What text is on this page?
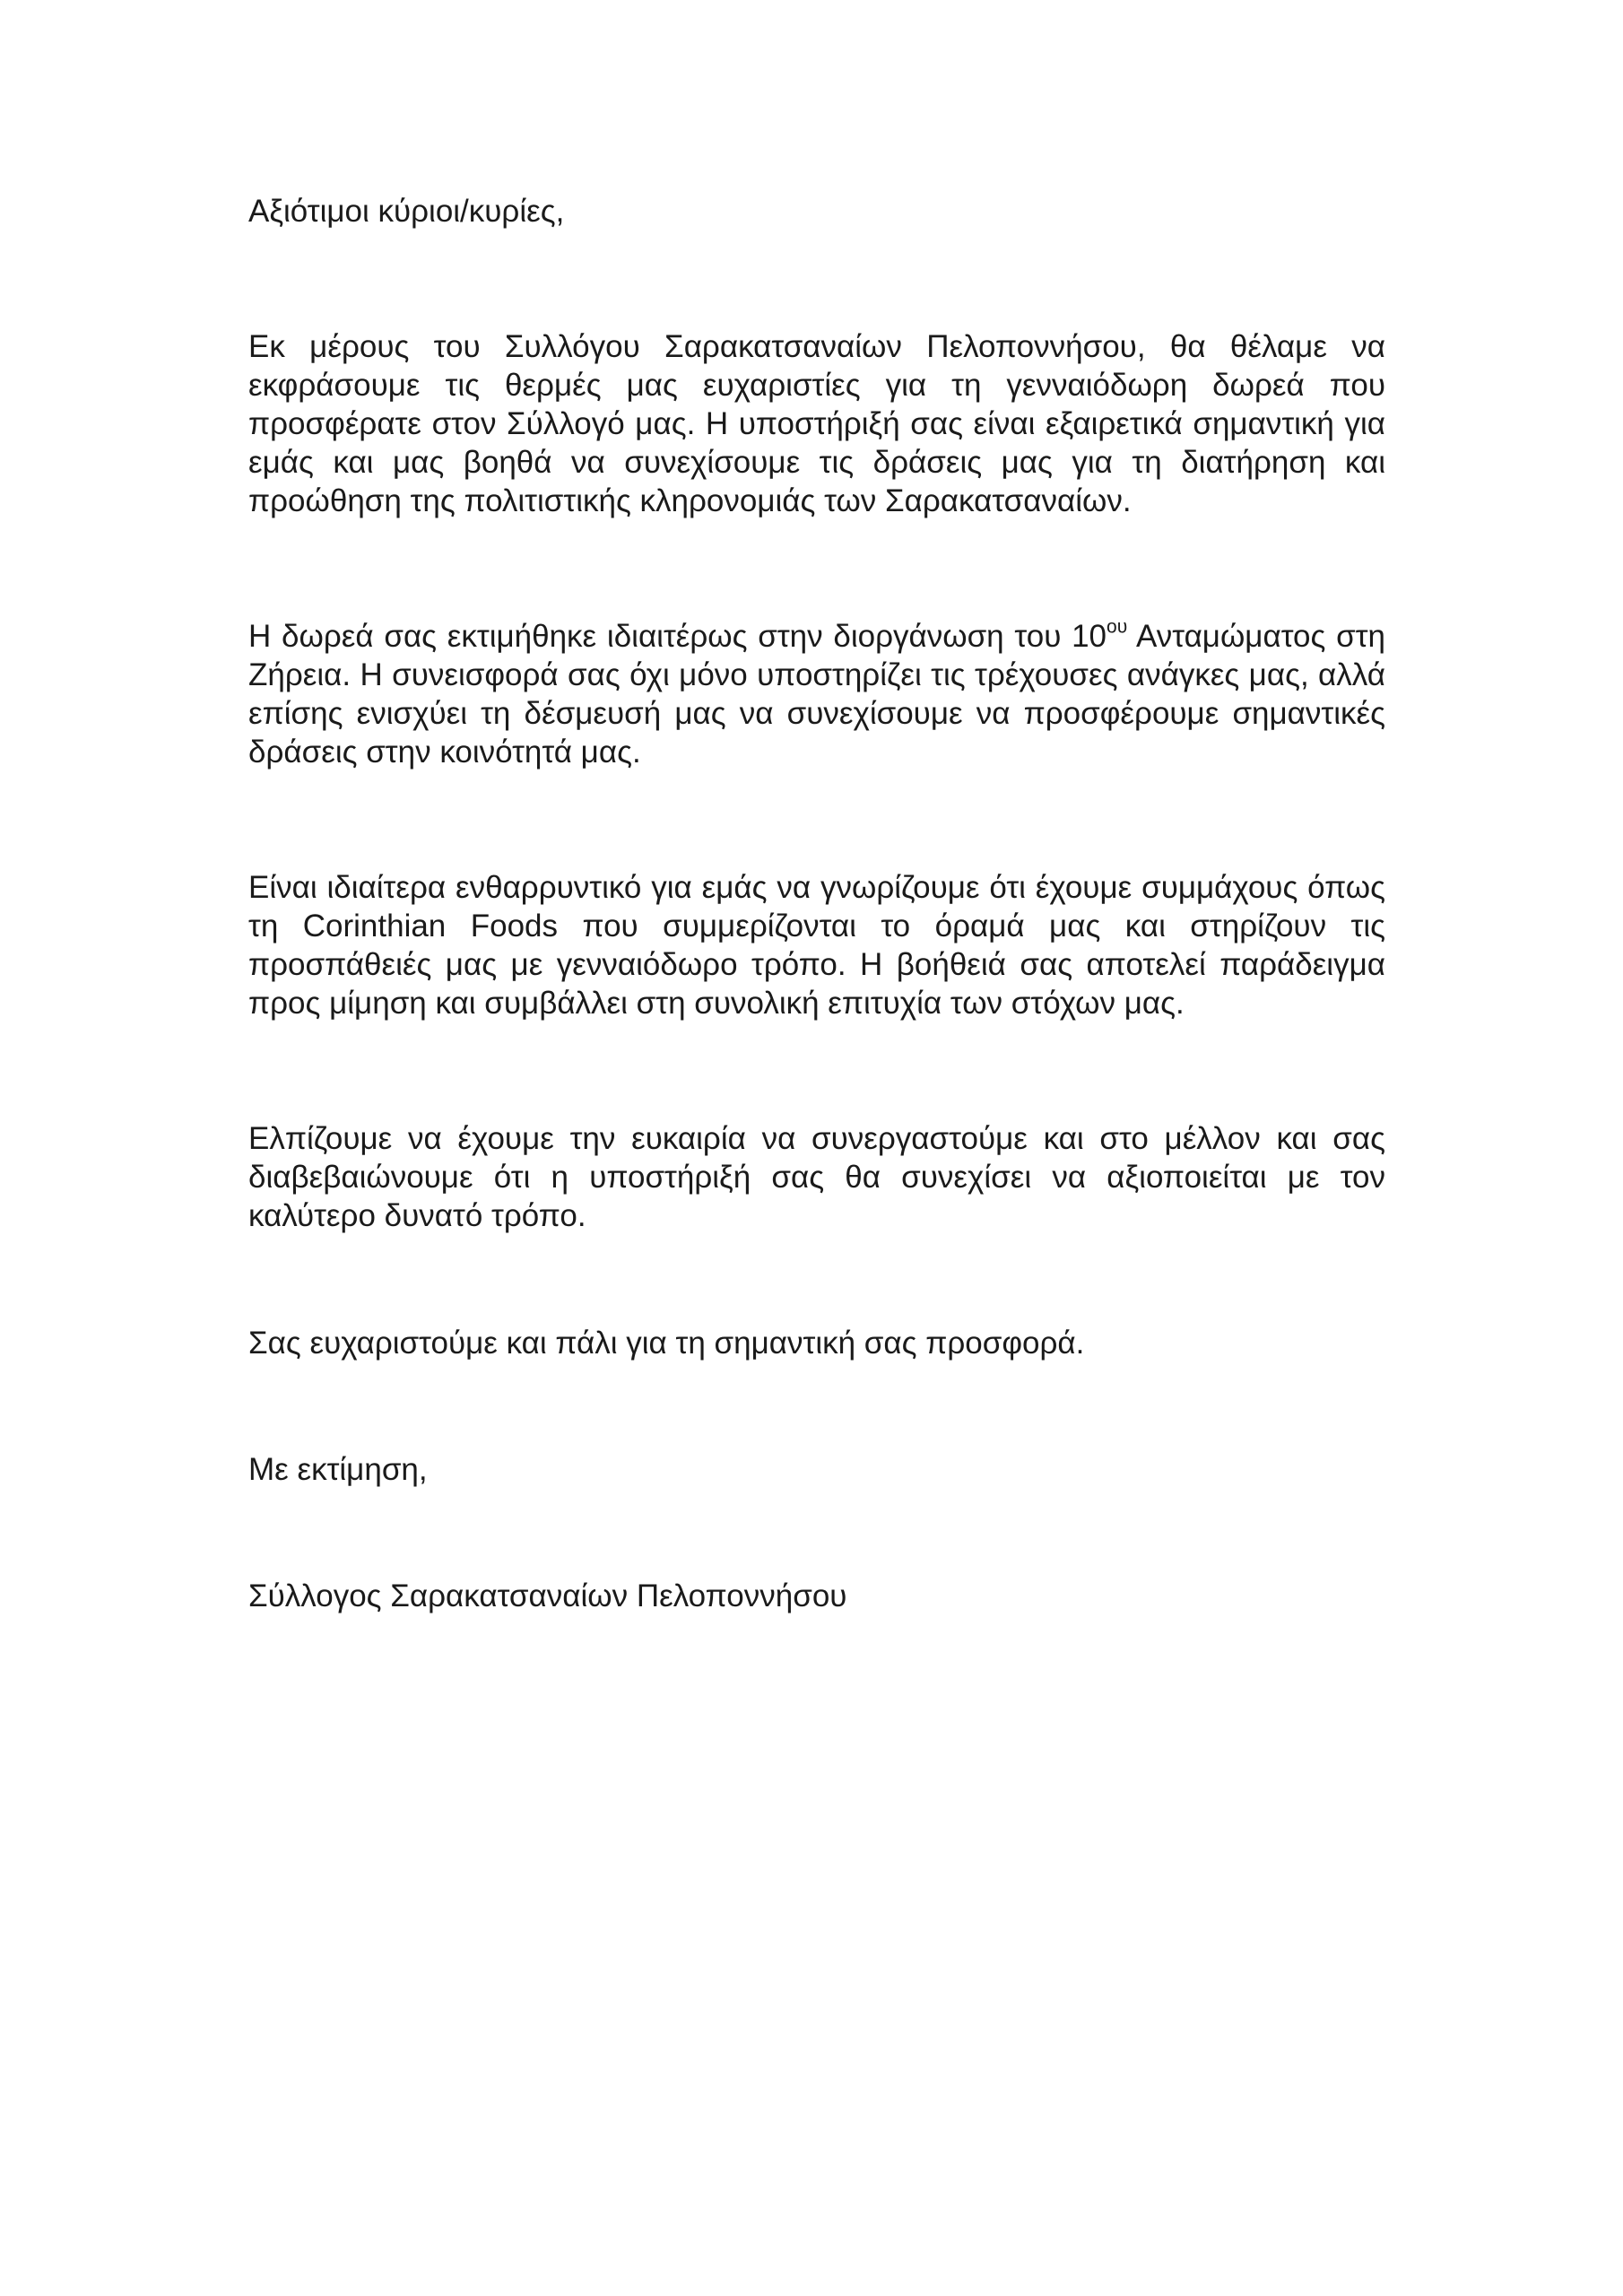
Αξιότιμοι κύριοι/κυρίες,

Εκ μέρους του Συλλόγου Σαρακατσαναίων Πελοποννήσου, θα θέλαμε να εκφράσουμε τις θερμές μας ευχαριστίες για τη γενναιόδωρη δωρεά που προσφέρατε στον Σύλλογό μας. Η υποστήριξή σας είναι εξαιρετικά σημαντική για εμάς και μας βοηθά να συνεχίσουμε τις δράσεις μας για τη διατήρηση και προώθηση της πολιτιστικής κληρονομιάς των Σαρακατσαναίων.

Η δωρεά σας εκτιμήθηκε ιδιαιτέρως στην διοργάνωση του $10^{o\upsilon}$ Ανταμώματος στη Ζήρεια. Η συνεισφορά σας όχι μόνο υποστηρίζει τις τρέχουσες ανάγκες μας, αλλά επίσης ενισχύει τη δέσμευσή μας να συνεχίσουμε να προσφέρουμε σημαντικές δράσεις στην κοινότητά μας.

Είναι ιδιαίτερα ενθαρρυντικό για εμάς να γνωρίζουμε ότι έχουμε συμμάχους όπως τη Corinthian Foods που συμμερίζονται το όραμά μας και στηρίζουν τις προσπάθειές μας με γενναιόδωρο τρόπο. Η βοήθειά σας αποτελεί παράδειγμα προς μίμηση και συμβάλλει στη συνολική επιτυχία των στόχων μας.

Ελπίζουμε να έχουμε την ευκαιρία να συνεργαστούμε και στο μέλλον και σας διαβεβαιώνουμε ότι η υποστήριξή σας θα συνεχίσει να αξιοποιείται με τον καλύτερο δυνατό τρόπο.

Σας ευχαριστούμε και πάλι για τη σημαντική σας προσφορά.

Με εκτίμηση,

Σύλλογος Σαρακατσαναίων Πελοποννήσου
